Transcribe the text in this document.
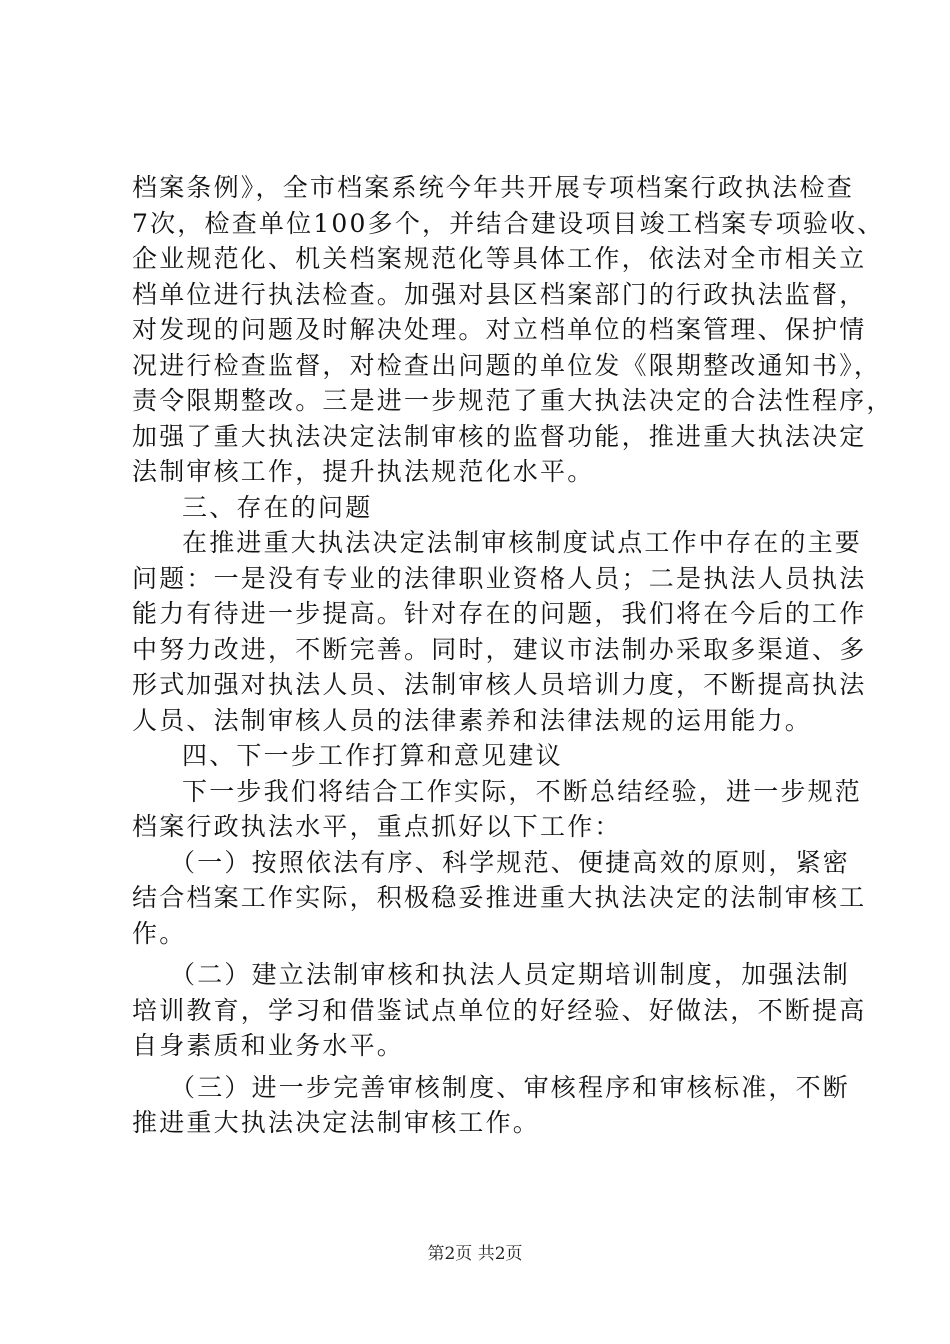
档案条例》，全市档案系统今年共开展专项档案行政执法检查
7次，检查单位100多个，并结合建设项目竣工档案专项验收、
企业规范化、机关档案规范化等具体工作，依法对全市相关立
档单位进行执法检查。加强对县区档案部门的行政执法监督，
对发现的问题及时解决处理。对立档单位的档案管理、保护情
况进行检查监督，对检查出问题的单位发《限期整改通知书》，
责令限期整改。三是进一步规范了重大执法决定的合法性程序，
加强了重大执法决定法制审核的监督功能，推进重大执法决定
法制审核工作，提升执法规范化水平。
三、存在的问题
在推进重大执法决定法制审核制度试点工作中存在的主要
问题：一是没有专业的法律职业资格人员；二是执法人员执法
能力有待进一步提高。针对存在的问题，我们将在今后的工作
中努力改进，不断完善。同时，建议市法制办采取多渠道、多
形式加强对执法人员、法制审核人员培训力度，不断提高执法
人员、法制审核人员的法律素养和法律法规的运用能力。
四、下一步工作打算和意见建议
下一步我们将结合工作实际，不断总结经验，进一步规范
档案行政执法水平，重点抓好以下工作：
（一）按照依法有序、科学规范、便捷高效的原则，紧密
结合档案工作实际，积极稳妥推进重大执法决定的法制审核工
作。
（二）建立法制审核和执法人员定期培训制度，加强法制
培训教育，学习和借鉴试点单位的好经验、好做法，不断提高
自身素质和业务水平。
（三）进一步完善审核制度、审核程序和审核标准，不断
推进重大执法决定法制审核工作。
第2页 共2页
